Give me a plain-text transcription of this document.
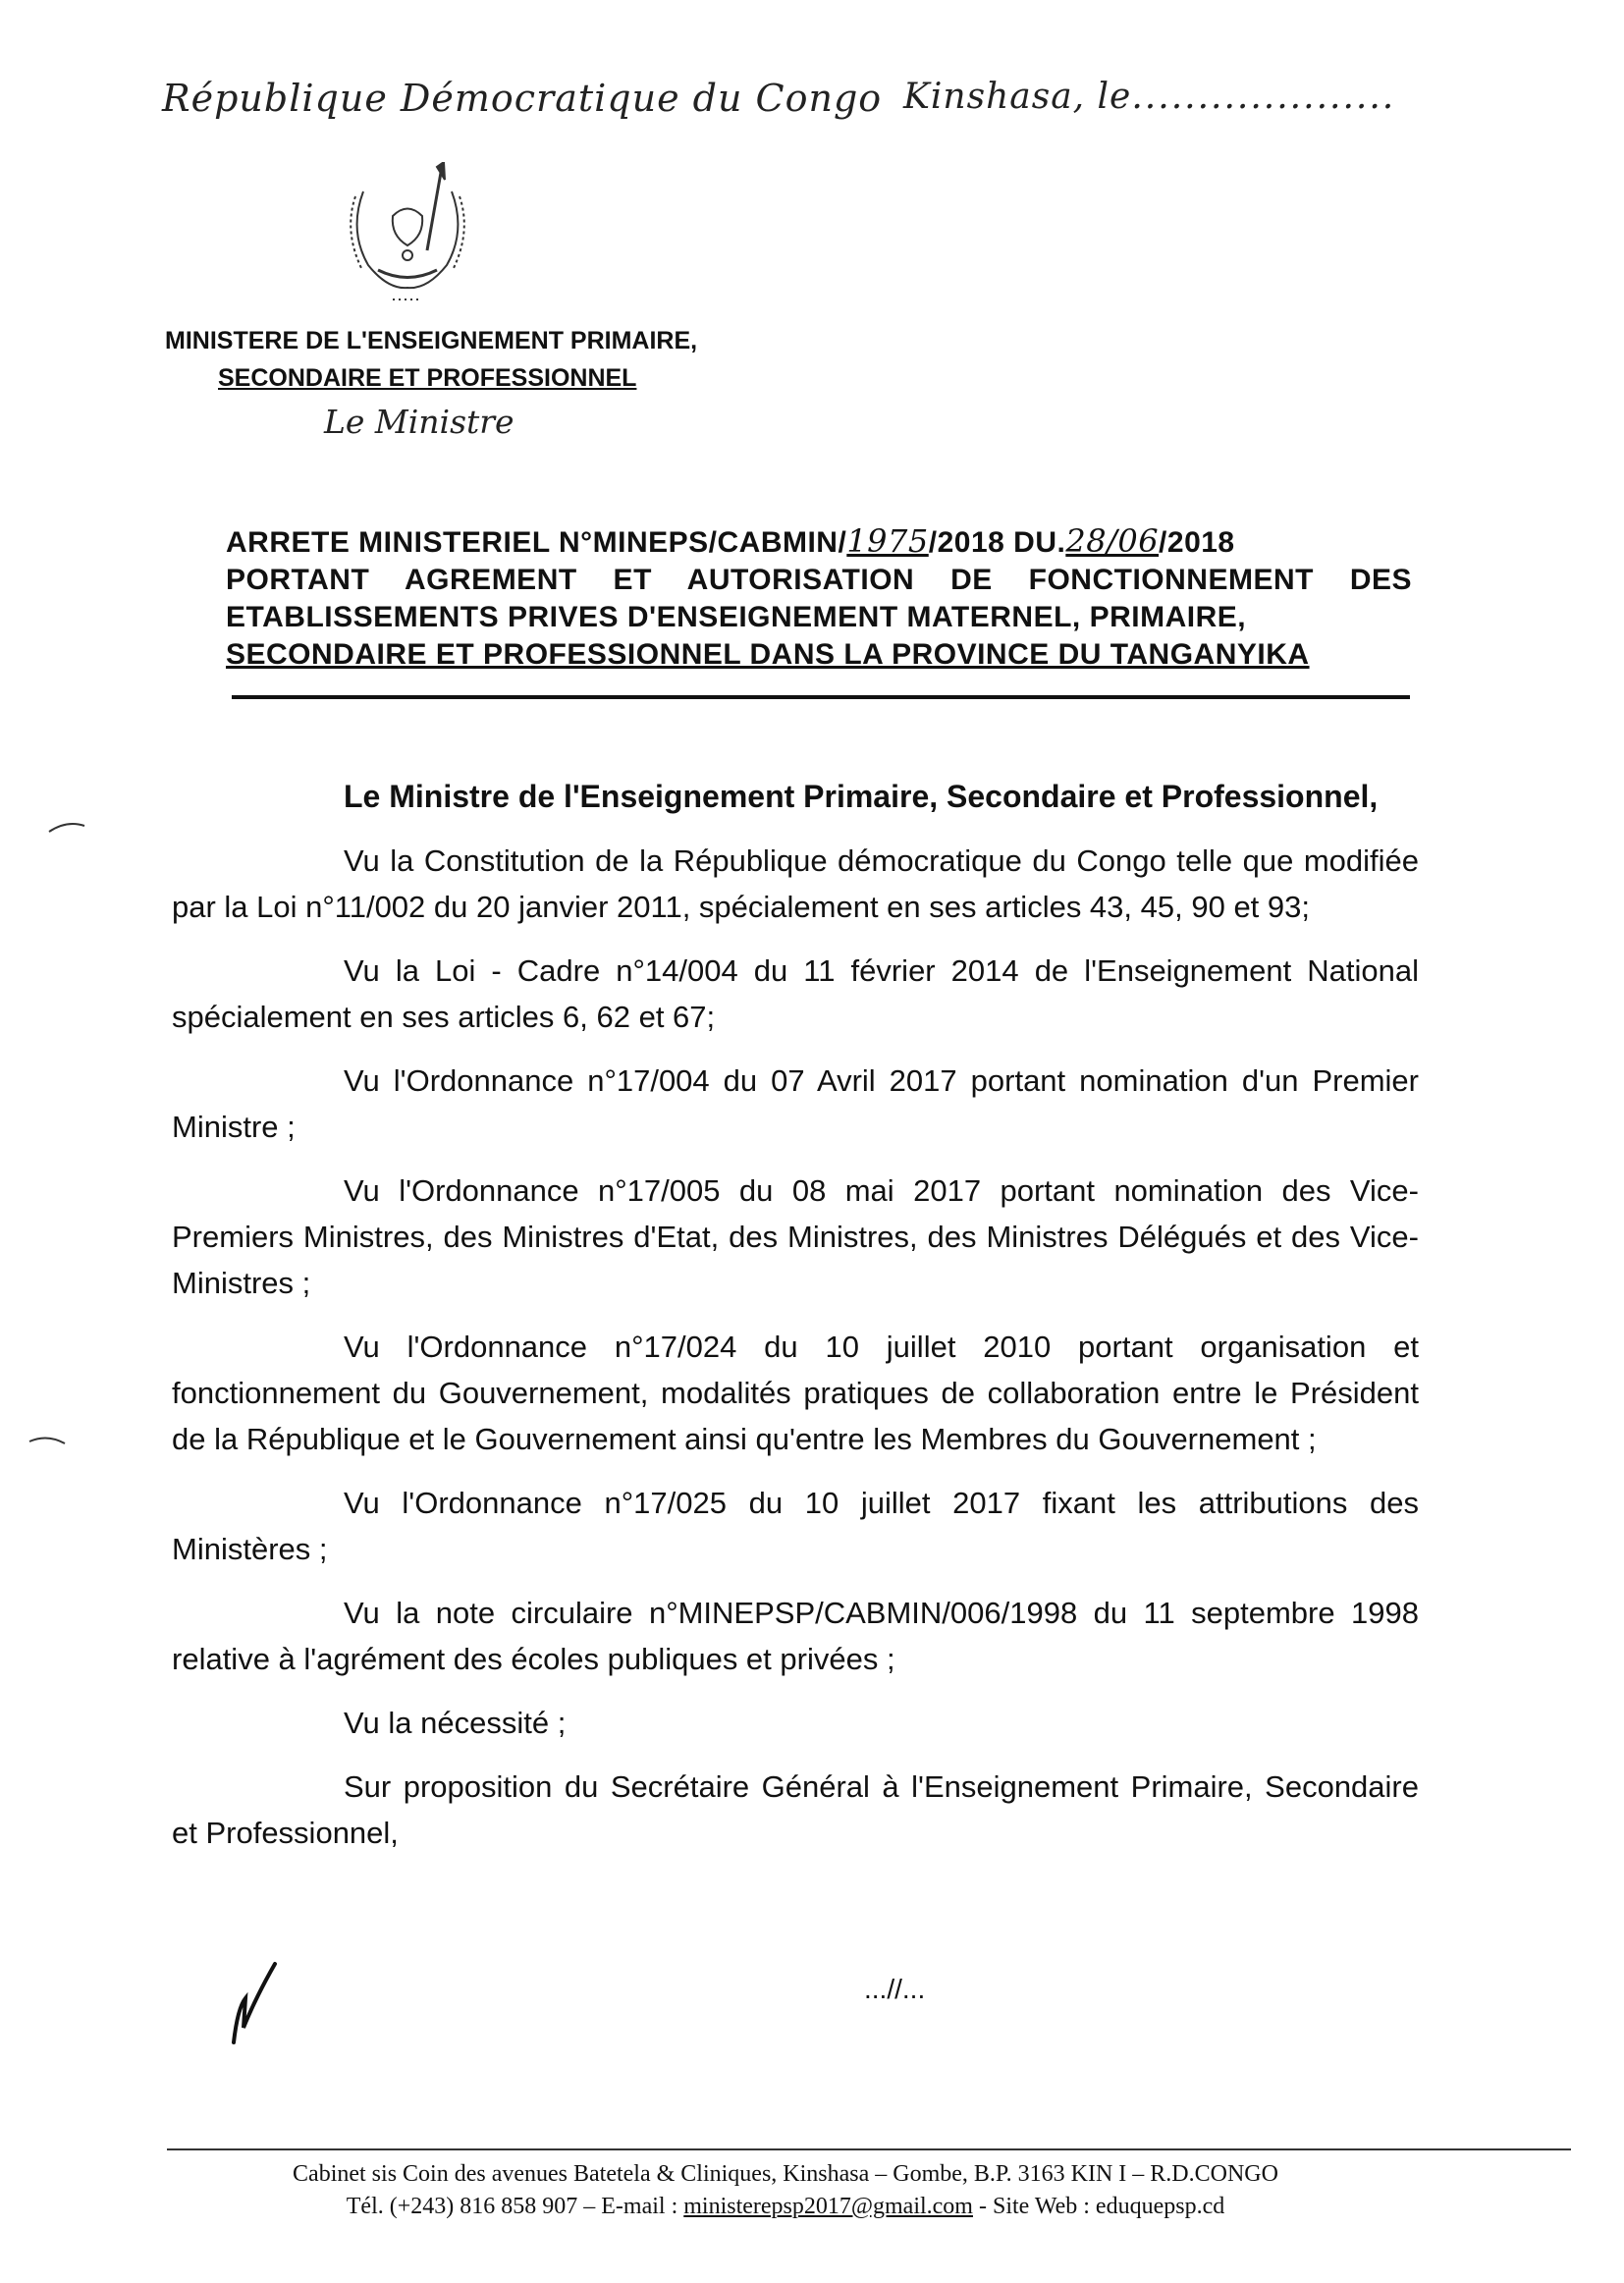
République Démocratique du Congo Kinshasa, le....................
MINISTERE DE L'ENSEIGNEMENT PRIMAIRE,
SECONDAIRE ET PROFESSIONNEL
Le Ministre
ARRETE MINISTERIEL N°MINEPS/CABMIN/1975/2018 DU.28/06/2018
PORTANT AGREMENT ET AUTORISATION DE FONCTIONNEMENT DES ETABLISSEMENTS PRIVES D'ENSEIGNEMENT MATERNEL, PRIMAIRE,
SECONDAIRE ET PROFESSIONNEL DANS LA PROVINCE DU TANGANYIKA

Le Ministre de l'Enseignement Primaire, Secondaire et Professionnel,

Vu la Constitution de la République démocratique du Congo telle que modifiée par la Loi n°11/002 du 20 janvier 2011, spécialement en ses articles 43, 45, 90 et 93;

Vu la Loi - Cadre n°14/004 du 11 février 2014 de l'Enseignement National spécialement en ses articles 6, 62 et 67;

Vu l'Ordonnance n°17/004 du 07 Avril 2017 portant nomination d'un Premier Ministre ;

Vu l'Ordonnance n°17/005 du 08 mai 2017 portant nomination des Vice-Premiers Ministres, des Ministres d'Etat, des Ministres, des Ministres Délégués et des Vice-Ministres ;

Vu l'Ordonnance n°17/024 du 10 juillet 2010 portant organisation et fonctionnement du Gouvernement, modalités pratiques de collaboration entre le Président de la République et le Gouvernement ainsi qu'entre les Membres du Gouvernement ;

Vu l'Ordonnance n°17/025 du 10 juillet 2017 fixant les attributions des Ministères ;

Vu la note circulaire n°MINEPSP/CABMIN/006/1998 du 11 septembre 1998 relative à l'agrément des écoles publiques et privées ;

Vu la nécessité ;

Sur proposition du Secrétaire Général à l'Enseignement Primaire, Secondaire et Professionnel,

...//...
Cabinet sis Coin des avenues Batetela & Cliniques, Kinshasa – Gombe, B.P. 3163 KIN I – R.D.CONGO
Tél. (+243) 816 858 907 – E-mail : ministerepsp2017@gmail.com - Site Web : eduquepsp.cd
